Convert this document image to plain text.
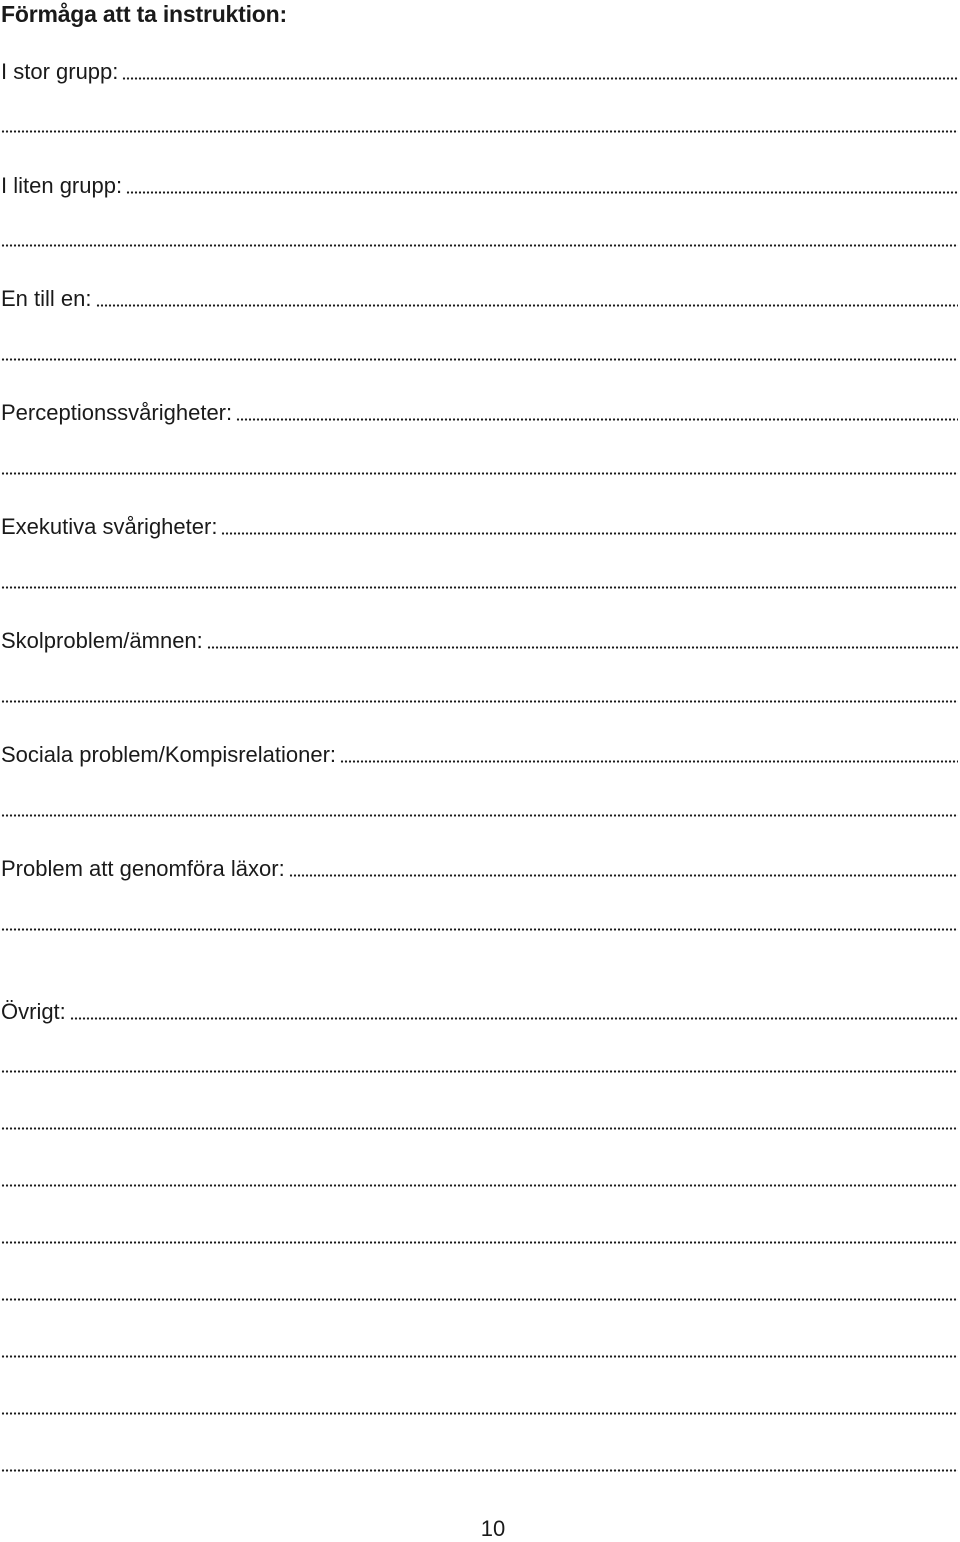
Förmåga att ta instruktion:
I stor grupp:
I liten grupp:
En till en:
Perceptionssvårigheter:
Exekutiva svårigheter:
Skolproblem/ämnen:
Sociala problem/Kompisrelationer:
Problem att genomföra läxor:
Övrigt:
10
